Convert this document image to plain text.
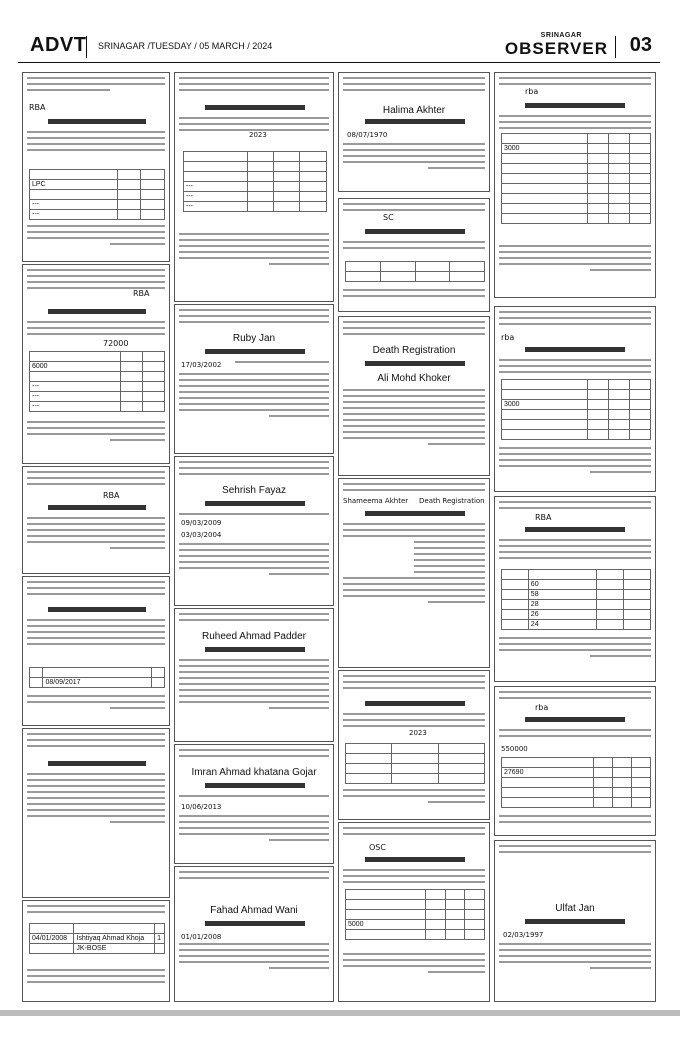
ADVT SRINAGAR /TUESDAY / 05 MARCH / 2024
SRINAGAR
OBSERVER 03
RBA

LPC		

---		
---		
RBA
72000

6000		

---		
---		
---		
RBA

	08/09/2017	

04/01/2008	Ishtiyaq Ahmad Khoja	1
	JK-BOSE	
2023

---			
---			
---			
Ruby Jan
17/03/2002
Sehrish Fayaz
09/03/2009
03/03/2004
Ruheed Ahmad Padder
Imran Ahmad khatana Gojar
10/06/2013
Fahad Ahmad Wani
01/01/2008
Halima Akhter
08/07/1970
SC

Death Registration
Ali Mohd Khoker
Shameema Akhter Death Registration
2023

OSC

5000			

rba

3000			

rba

3000			

RBA

	60		
	58		
	28		
	26		
	24		
rba
550000

27690			

Ulfat Jan
02/03/1997
